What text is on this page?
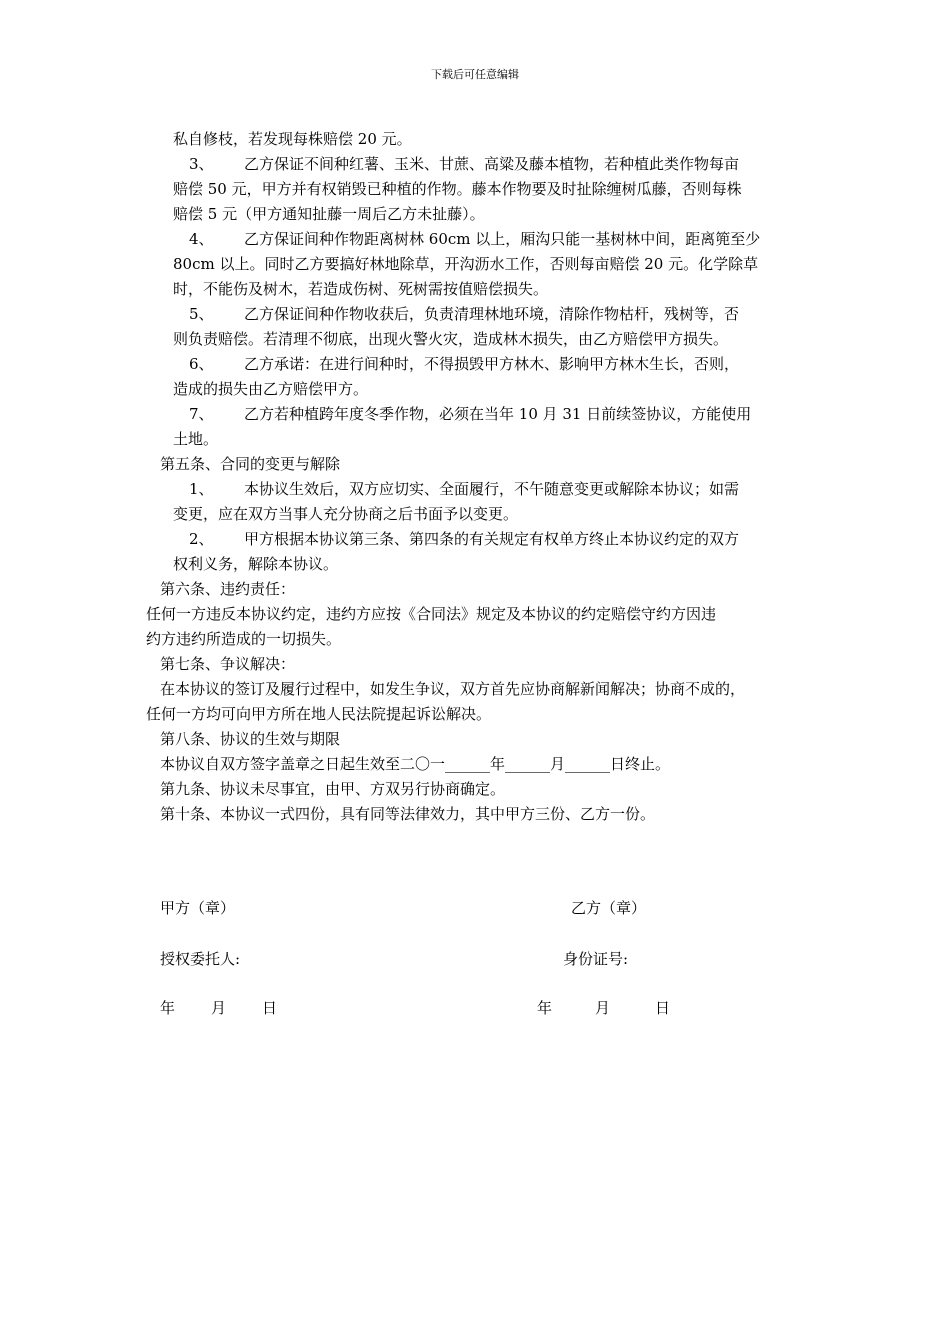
下载后可任意编辑
私自修枝，若发现每株赔偿 20 元。
3、 乙方保证不间种红薯、玉米、甘蔗、高粱及藤本植物，若种植此类作物每亩
赔偿 50 元，甲方并有权销毁已种植的作物。藤本作物要及时扯除缠树瓜藤，否则每株
赔偿 5 元（甲方通知扯藤一周后乙方未扯藤）。
4、 乙方保证间种作物距离树林 60cm 以上，厢沟只能一基树林中间，距离篼至少
80cm 以上。同时乙方要搞好林地除草，开沟沥水工作，否则每亩赔偿 20 元。化学除草
时，不能伤及树木，若造成伤树、死树需按值赔偿损失。
5、 乙方保证间种作物收获后，负责清理林地环境，清除作物枯杆，残树等，否
则负责赔偿。若清理不彻底，出现火警火灾，造成林木损失，由乙方赔偿甲方损失。
6、 乙方承诺：在进行间种时，不得损毁甲方林木、影响甲方林木生长，否则，
造成的损失由乙方赔偿甲方。
7、 乙方若种植跨年度冬季作物，必须在当年 10 月 31 日前续签协议，方能使用
土地。
第五条、合同的变更与解除
1、 本协议生效后，双方应切实、全面履行，不午随意变更或解除本协议；如需
变更，应在双方当事人充分协商之后书面予以变更。
2、 甲方根据本协议第三条、第四条的有关规定有权单方终止本协议约定的双方
权利义务，解除本协议。
第六条、违约责任：
任何一方违反本协议约定，违约方应按《合同法》规定及本协议的约定赔偿守约方因违
约方违约所造成的一切损失。
第七条、争议解决：
在本协议的签订及履行过程中，如发生争议，双方首先应协商解新闻解决；协商不成的，
任何一方均可向甲方所在地人民法院提起诉讼解决。
第八条、协议的生效与期限
本协议自双方签字盖章之日起生效至二〇一______年______月______日终止。
第九条、协议未尽事宜，由甲、方双另行协商确定。
第十条、本协议一式四份，具有同等法律效力，其中甲方三份、乙方一份。
甲方（章）	乙方（章）
授权委托人:	身份证号:
年 月 日	年	月	日
